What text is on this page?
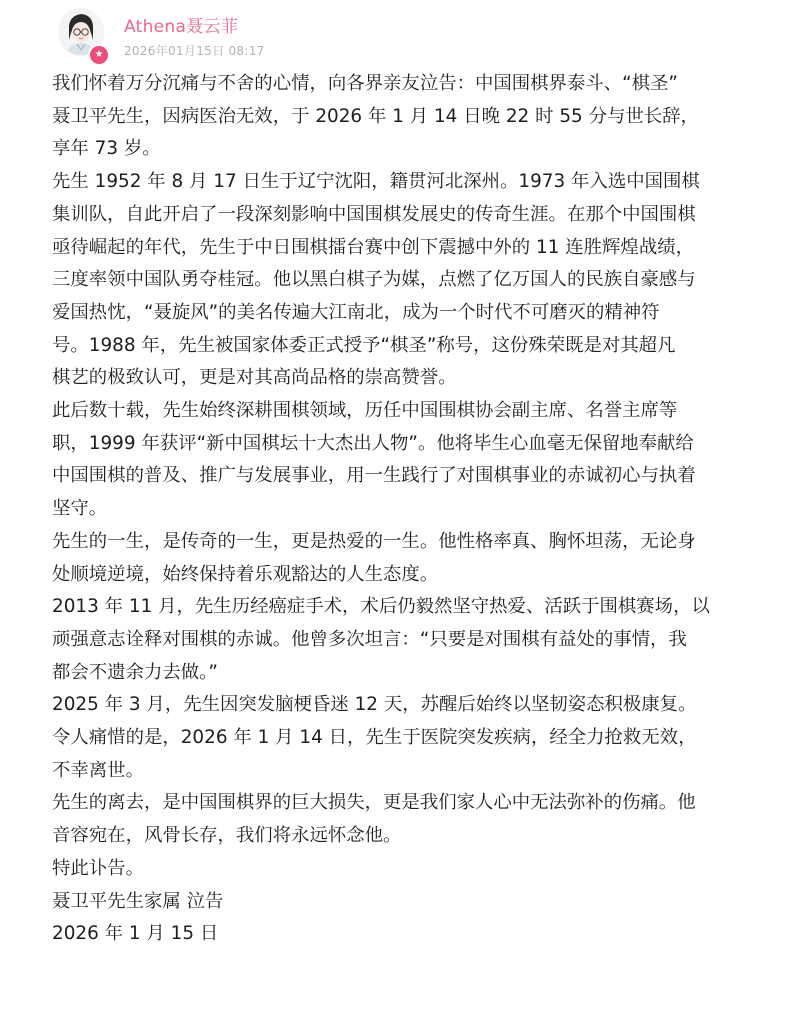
★
Athena聂云菲
2026年01月15日 08:17

我们怀着万分沉痛与不舍的心情，向各界亲友泣告：中国围棋界泰斗、“棋圣”
聂卫平先生，因病医治无效，于 2026 年 1 月 14 日晚 22 时 55 分与世长辞，
享年 73 岁。

先生 1952 年 8 月 17 日生于辽宁沈阳，籍贯河北深州。1973 年入选中国围棋
集训队，自此开启了一段深刻影响中国围棋发展史的传奇生涯。在那个中国围棋
亟待崛起的年代，先生于中日围棋擂台赛中创下震撼中外的 11 连胜辉煌战绩，
三度率领中国队勇夺桂冠。他以黑白棋子为媒，点燃了亿万国人的民族自豪感与
爱国热忱，“聂旋风”的美名传遍大江南北，成为一个时代不可磨灭的精神符
号。1988 年，先生被国家体委正式授予“棋圣”称号，这份殊荣既是对其超凡
棋艺的极致认可，更是对其高尚品格的崇高赞誉。

此后数十载，先生始终深耕围棋领域，历任中国围棋协会副主席、名誉主席等
职，1999 年获评“新中国棋坛十大杰出人物”。他将毕生心血毫无保留地奉献给
中国围棋的普及、推广与发展事业，用一生践行了对围棋事业的赤诚初心与执着
坚守。

先生的一生，是传奇的一生，更是热爱的一生。他性格率真、胸怀坦荡，无论身
处顺境逆境，始终保持着乐观豁达的人生态度。

2013 年 11 月，先生历经癌症手术，术后仍毅然坚守热爱、活跃于围棋赛场，以
顽强意志诠释对围棋的赤诚。他曾多次坦言：“只要是对围棋有益处的事情，我
都会不遗余力去做。”

2025 年 3 月，先生因突发脑梗昏迷 12 天，苏醒后始终以坚韧姿态积极康复。

令人痛惜的是，2026 年 1 月 14 日，先生于医院突发疾病，经全力抢救无效，
不幸离世。

先生的离去，是中国围棋界的巨大损失，更是我们家人心中无法弥补的伤痛。他
音容宛在，风骨长存，我们将永远怀念他。

特此讣告。

聂卫平先生家属 泣告

2026 年 1 月 15 日
